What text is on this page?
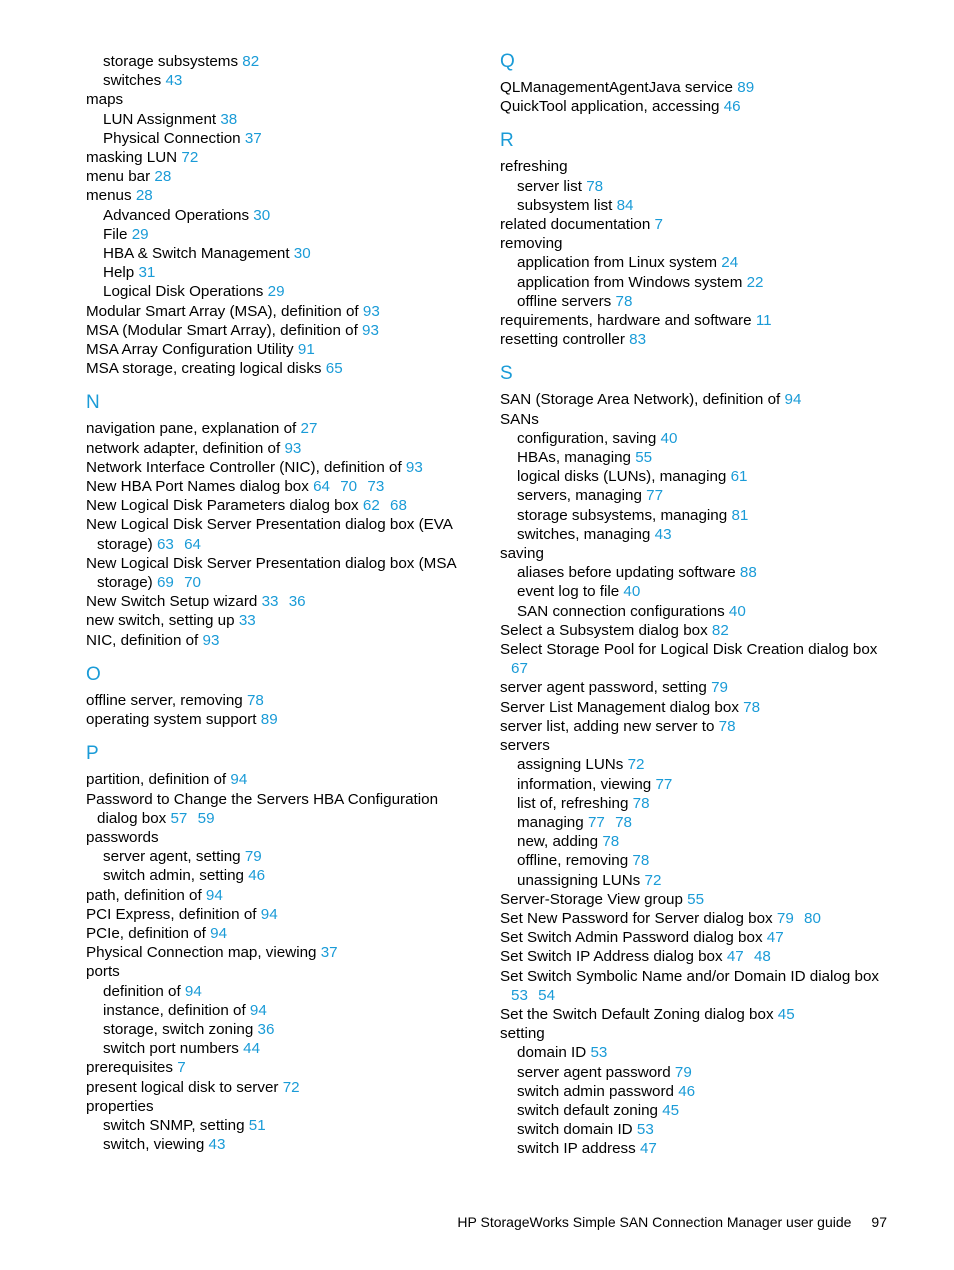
storage subsystems 82
switches 43
maps
LUN Assignment 38
Physical Connection 37
masking LUN 72
menu bar 28
menus 28
Advanced Operations 30
File 29
HBA & Switch Management 30
Help 31
Logical Disk Operations 29
Modular Smart Array (MSA), definition of 93
MSA (Modular Smart Array), definition of 93
MSA Array Configuration Utility 91
MSA storage, creating logical disks 65
N
navigation pane, explanation of 27
network adapter, definition of 93
Network Interface Controller (NIC), definition of 93
New HBA Port Names dialog box 64 70 73
New Logical Disk Parameters dialog box 62 68
New Logical Disk Server Presentation dialog box (EVA storage) 63 64
New Logical Disk Server Presentation dialog box (MSA storage) 69 70
New Switch Setup wizard 33 36
new switch, setting up 33
NIC, definition of 93
O
offline server, removing 78
operating system support 89
P
partition, definition of 94
Password to Change the Servers HBA Configuration dialog box 57 59
passwords
server agent, setting 79
switch admin, setting 46
path, definition of 94
PCI Express, definition of 94
PCIe, definition of 94
Physical Connection map, viewing 37
ports
definition of 94
instance, definition of 94
storage, switch zoning 36
switch port numbers 44
prerequisites 7
present logical disk to server 72
properties
switch SNMP, setting 51
switch, viewing 43
Q
QLManagementAgentJava service 89
QuickTool application, accessing 46
R
refreshing
server list 78
subsystem list 84
related documentation 7
removing
application from Linux system 24
application from Windows system 22
offline servers 78
requirements, hardware and software 11
resetting controller 83
S
SAN (Storage Area Network), definition of 94
SANs
configuration, saving 40
HBAs, managing 55
logical disks (LUNs), managing 61
servers, managing 77
storage subsystems, managing 81
switches, managing 43
saving
aliases before updating software 88
event log to file 40
SAN connection configurations 40
Select a Subsystem dialog box 82
Select Storage Pool for Logical Disk Creation dialog box 67
server agent password, setting 79
Server List Management dialog box 78
server list, adding new server to 78
servers
assigning LUNs 72
information, viewing 77
list of, refreshing 78
managing 77 78
new, adding 78
offline, removing 78
unassigning LUNs 72
Server-Storage View group 55
Set New Password for Server dialog box 79 80
Set Switch Admin Password dialog box 47
Set Switch IP Address dialog box 47 48
Set Switch Symbolic Name and/or Domain ID dialog box 53 54
Set the Switch Default Zoning dialog box 45
setting
domain ID 53
server agent password 79
switch admin password 46
switch default zoning 45
switch domain ID 53
switch IP address 47
HP StorageWorks Simple SAN Connection Manager user guide 97
